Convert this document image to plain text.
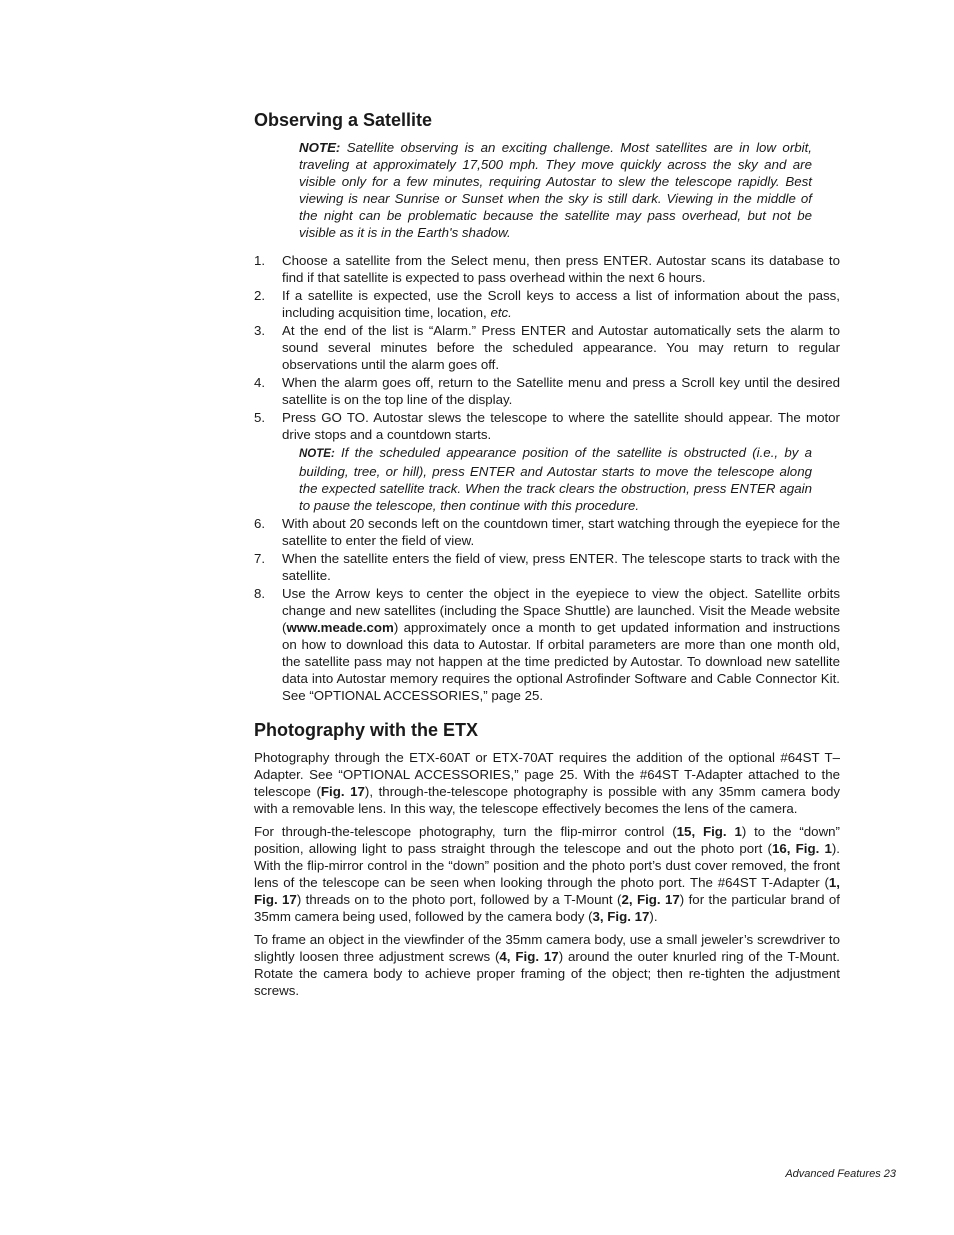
Observing a Satellite
NOTE: Satellite observing is an exciting challenge. Most satellites are in low orbit, traveling at approximately 17,500 mph. They move quickly across the sky and are visible only for a few minutes, requiring Autostar to slew the telescope rapidly. Best viewing is near Sunrise or Sunset when the sky is still dark. Viewing in the middle of the night can be problematic because the satellite may pass overhead, but not be visible as it is in the Earth's shadow.
1. Choose a satellite from the Select menu, then press ENTER. Autostar scans its database to find if that satellite is expected to pass overhead within the next 6 hours.
2. If a satellite is expected, use the Scroll keys to access a list of information about the pass, including acquisition time, location, etc.
3. At the end of the list is “Alarm.” Press ENTER and Autostar automatically sets the alarm to sound several minutes before the scheduled appearance. You may return to regular observations until the alarm goes off.
4. When the alarm goes off, return to the Satellite menu and press a Scroll key until the desired satellite is on the top line of the display.
5. Press GO TO. Autostar slews the telescope to where the satellite should appear. The motor drive stops and a countdown starts.
NOTE: If the scheduled appearance position of the satellite is obstructed (i.e., by a building, tree, or hill), press ENTER and Autostar starts to move the telescope along the expected satellite track. When the track clears the obstruction, press ENTER again to pause the telescope, then continue with this procedure.
6. With about 20 seconds left on the countdown timer, start watching through the eyepiece for the satellite to enter the field of view.
7. When the satellite enters the field of view, press ENTER. The telescope starts to track with the satellite.
8. Use the Arrow keys to center the object in the eyepiece to view the object. Satellite orbits change and new satellites (including the Space Shuttle) are launched. Visit the Meade website (www.meade.com) approximately once a month to get updated information and instructions on how to download this data to Autostar. If orbital parameters are more than one month old, the satellite pass may not happen at the time predicted by Autostar. To download new satellite data into Autostar memory requires the optional Astrofinder Software and Cable Connector Kit. See “OPTIONAL ACCESSORIES,” page 25.
Photography with the ETX

Photography through the ETX-60AT or ETX-70AT requires the addition of the optional #64ST T–Adapter. See “OPTIONAL ACCESSORIES,” page 25. With the #64ST T-Adapter attached to the telescope (Fig. 17), through-the-telescope photography is possible with any 35mm camera body with a removable lens. In this way, the telescope effectively becomes the lens of the camera.

For through-the-telescope photography, turn the flip-mirror control (15, Fig. 1) to the “down” position, allowing light to pass straight through the telescope and out the photo port (16, Fig. 1). With the flip-mirror control in the “down” position and the photo port’s dust cover removed, the front lens of the telescope can be seen when looking through the photo port. The #64ST T-Adapter (1, Fig. 17) threads on to the photo port, followed by a T-Mount (2, Fig. 17) for the particular brand of 35mm camera being used, followed by the camera body (3, Fig. 17).

To frame an object in the viewfinder of the 35mm camera body, use a small jeweler’s screwdriver to slightly loosen three adjustment screws (4, Fig. 17) around the outer knurled ring of the T-Mount. Rotate the camera body to achieve proper framing of the object; then re-tighten the adjustment screws.

Advanced Features 23
